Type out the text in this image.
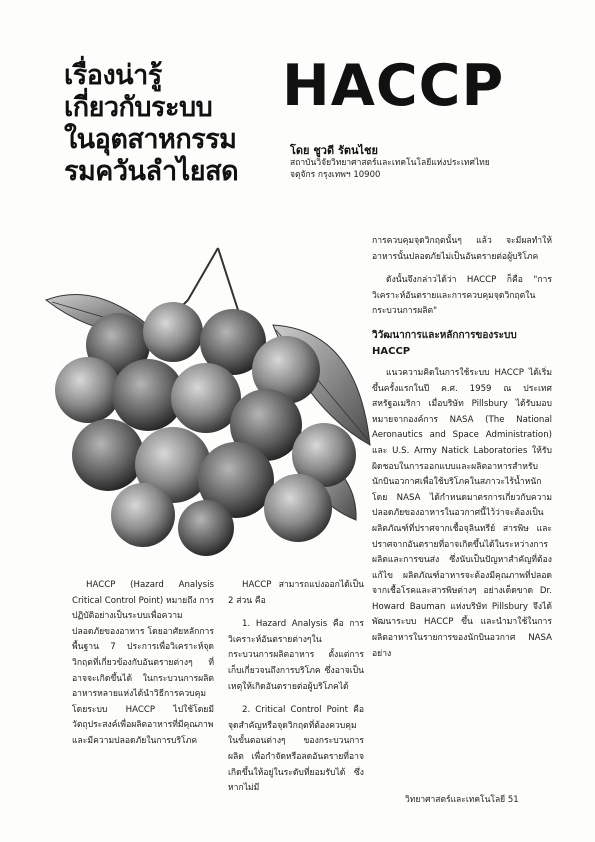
เรื่องน่ารู้
เกี่ยวกับระบบ
ในอุตสาหกรรม
รมควันลำไยสด
HACCP
โดย ชูวดี รัตนไชย
สถาบันวิจัยวิทยาศาสตร์และเทคโนโลยีแห่งประเทศไทย
จตุจักร กรุงเทพฯ 10900

การควบคุมจุดวิกฤตนั้นๆ แล้ว จะมีผลทำให้อาหารนั้นปลอดภัยไม่เป็นอันตรายต่อผู้บริโภค

ดังนั้นจึงกล่าวได้ว่า HACCP ก็คือ "การวิเคราะห์อันตรายและการควบคุมจุดวิกฤตในกระบวนการผลิต"

วิวัฒนาการและหลักการของระบบ HACCP

แนวความคิดในการใช้ระบบ HACCP ได้เริ่มขึ้นครั้งแรกในปี ค.ศ. 1959 ณ ประเทศสหรัฐอเมริกา เมื่อบริษัท Pillsbury ได้รับมอบหมายจากองค์การ NASA (The National Aeronautics and Space Administration) และ U.S. Army Natick Laboratories ให้รับผิดชอบในการออกแบบและผลิตอาหารสำหรับนักบินอวกาศเพื่อใช้บริโภคในสภาวะไร้น้ำหนัก โดย NASA ได้กำหนดมาตรการเกี่ยวกับความปลอดภัยของอาหารในอวกาศนี้ไว้ว่าจะต้องเป็นผลิตภัณฑ์ที่ปราศจากเชื้อจุลินทรีย์ สารพิษ และปราศจากอันตรายที่อาจเกิดขึ้นได้ในระหว่างการผลิตและการขนส่ง ซึ่งนับเป็นปัญหาสำคัญที่ต้องแก้ไข ผลิตภัณฑ์อาหารจะต้องมีคุณภาพที่ปลอดจากเชื้อโรคและสารพิษต่างๆ อย่างเด็ดขาด Dr. Howard Bauman แห่งบริษัท Pillsbury จึงได้พัฒนาระบบ HACCP ขึ้น และนำมาใช้ในการผลิตอาหารในรายการของนักบินอวกาศ NASA อย่าง

HACCP (Hazard Analysis Critical Control Point) หมายถึง การปฏิบัติอย่างเป็นระบบเพื่อความปลอดภัยของอาหาร โดยอาศัยหลักการพื้นฐาน 7 ประการเพื่อวิเคราะห์จุดวิกฤตที่เกี่ยวข้องกับอันตรายต่างๆ ที่อาจจะเกิดขึ้นได้ ในกระบวนการผลิตอาหารหลายแห่งได้นำวิธีการควบคุมโดยระบบ HACCP ไปใช้โดยมีวัตถุประสงค์เพื่อผลิตอาหารที่มีคุณภาพและมีความปลอดภัยในการบริโภค

HACCP สามารถแบ่งออกได้เป็น 2 ส่วน คือ

1. Hazard Analysis คือ การวิเคราะห์อันตรายต่างๆในกระบวนการผลิตอาหาร ตั้งแต่การเก็บเกี่ยวจนถึงการบริโภค ซึ่งอาจเป็นเหตุให้เกิดอันตรายต่อผู้บริโภคได้

2. Critical Control Point คือ จุดสำคัญหรือจุดวิกฤตที่ต้องควบคุมในขั้นตอนต่างๆ ของกระบวนการผลิต เพื่อกำจัดหรือลดอันตรายที่อาจเกิดขึ้นให้อยู่ในระดับที่ยอมรับได้ ซึ่งหากไม่มี

วิทยาศาสตร์และเทคโนโลยี 51
